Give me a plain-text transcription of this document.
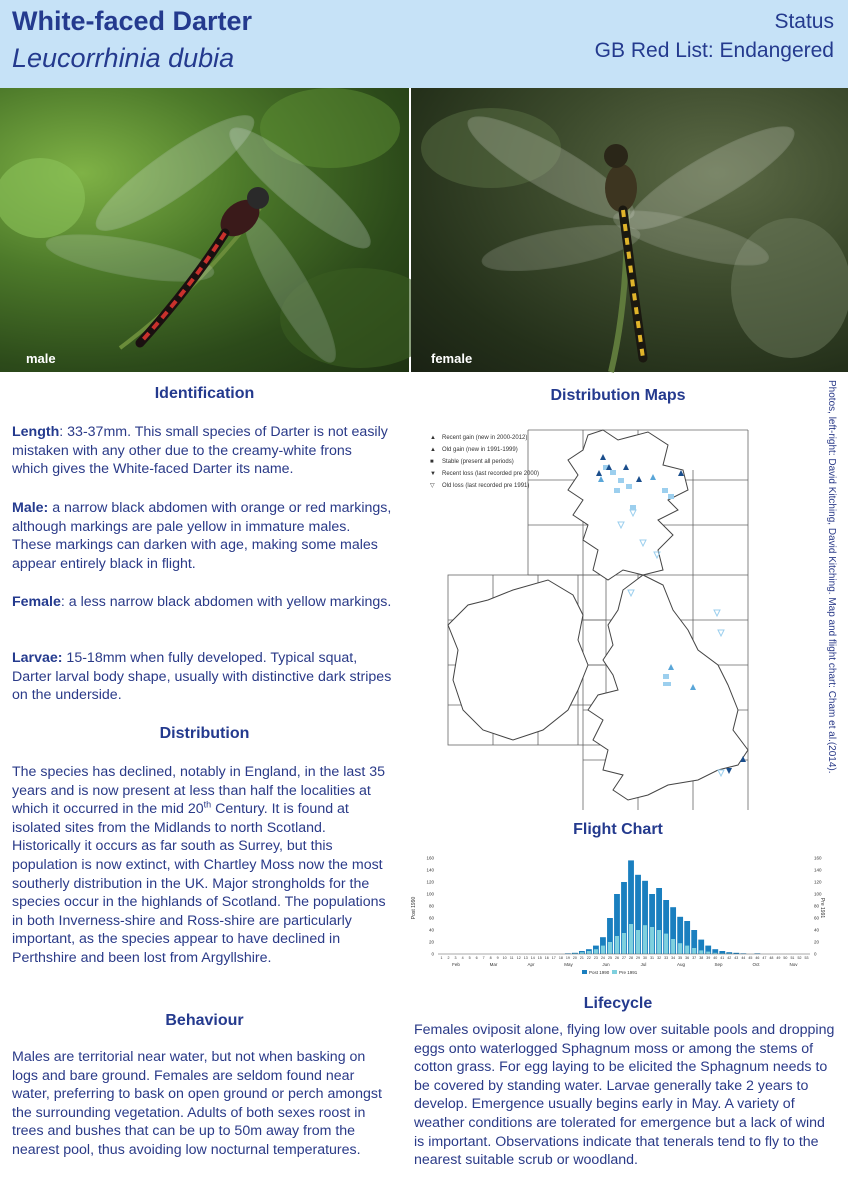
White-faced Darter
Leucorrhinia dubia
Status
GB Red List: Endangered
male	female
Identification

Length: 33-37mm. This small species of Darter is not easily mistaken with any other due to the creamy-white frons which gives the White-faced Darter its name.

Male: a narrow black abdomen with orange or red markings, although markings are pale yellow in immature males. These markings can darken with age, making some males appear entirely black in flight.

Female: a less narrow black abdomen with yellow markings.

Larvae: 15-18mm when fully developed. Typical squat, Darter larval body shape, usually with distinctive dark stripes on the underside.

Distribution

The species has declined, notably in England, in the last 35 years and is now present at less than half the localities at which it occurred in the mid 20th Century. It is found at isolated sites from the Midlands to north Scotland. Historically it occurs as far south as Surrey, but this population is now extinct, with Chartley Moss now the most southerly distribution in the UK. Major strongholds for the species occur in the highlands of Scotland. The populations in both Inverness-shire and Ross-shire are particularly important, as the species appear to have declined in Perthshire and been lost from Argyllshire.

Behaviour

Males are territorial near water, but not when basking on logs and bare ground. Females are seldom found near water, preferring to bask on open ground or perch amongst the surrounding vegetation. Adults of both sexes roost in trees and bushes that can be up to 50m away from the nearest pool, thus avoiding low nocturnal temperatures.

Photos, left-right: David Kitching, David Kitching. Map and flight chart: Cham et al.(2014).
Distribution Maps
▲ Recent gain (new in 2000-2012)
▲ Old gain (new in 1991-1999)
■ Stable (present all periods)
▼ Recent loss (last recorded pre 2000)
▽ Old loss (last recorded pre 1991)
Flight Chart
Post 1990	Pre 1991
160
140
120
100
80
60
40
20
0
160
140
120
100
80
60
40
20
0
1 2 3 4 5 6 7 8 9 10 11 12 13 14 15 16 17 18 19 20 21 22 23 24 25 26 27 28 29 30 31 32 33 34 35 36 37 38 39 40 41 42 43 44 45 46 47 48 49 50 51 52 53
Feb	Mar	Apr	May	Jun	Jul	Aug	Sep	Oct	Nov
Post 1990 Pre 1991
Lifecycle

Females oviposit alone, flying low over suitable pools and dropping eggs onto waterlogged Sphagnum moss or among the stems of cotton grass. For egg laying to be elicited the Sphagnum needs to be covered by standing water. Larvae generally take 2 years to develop. Emergence usually begins early in May. A variety of weather conditions are tolerated for emergence but a lack of wind is important. Observations indicate that tenerals tend to fly to the nearest suitable scrub or woodland.
